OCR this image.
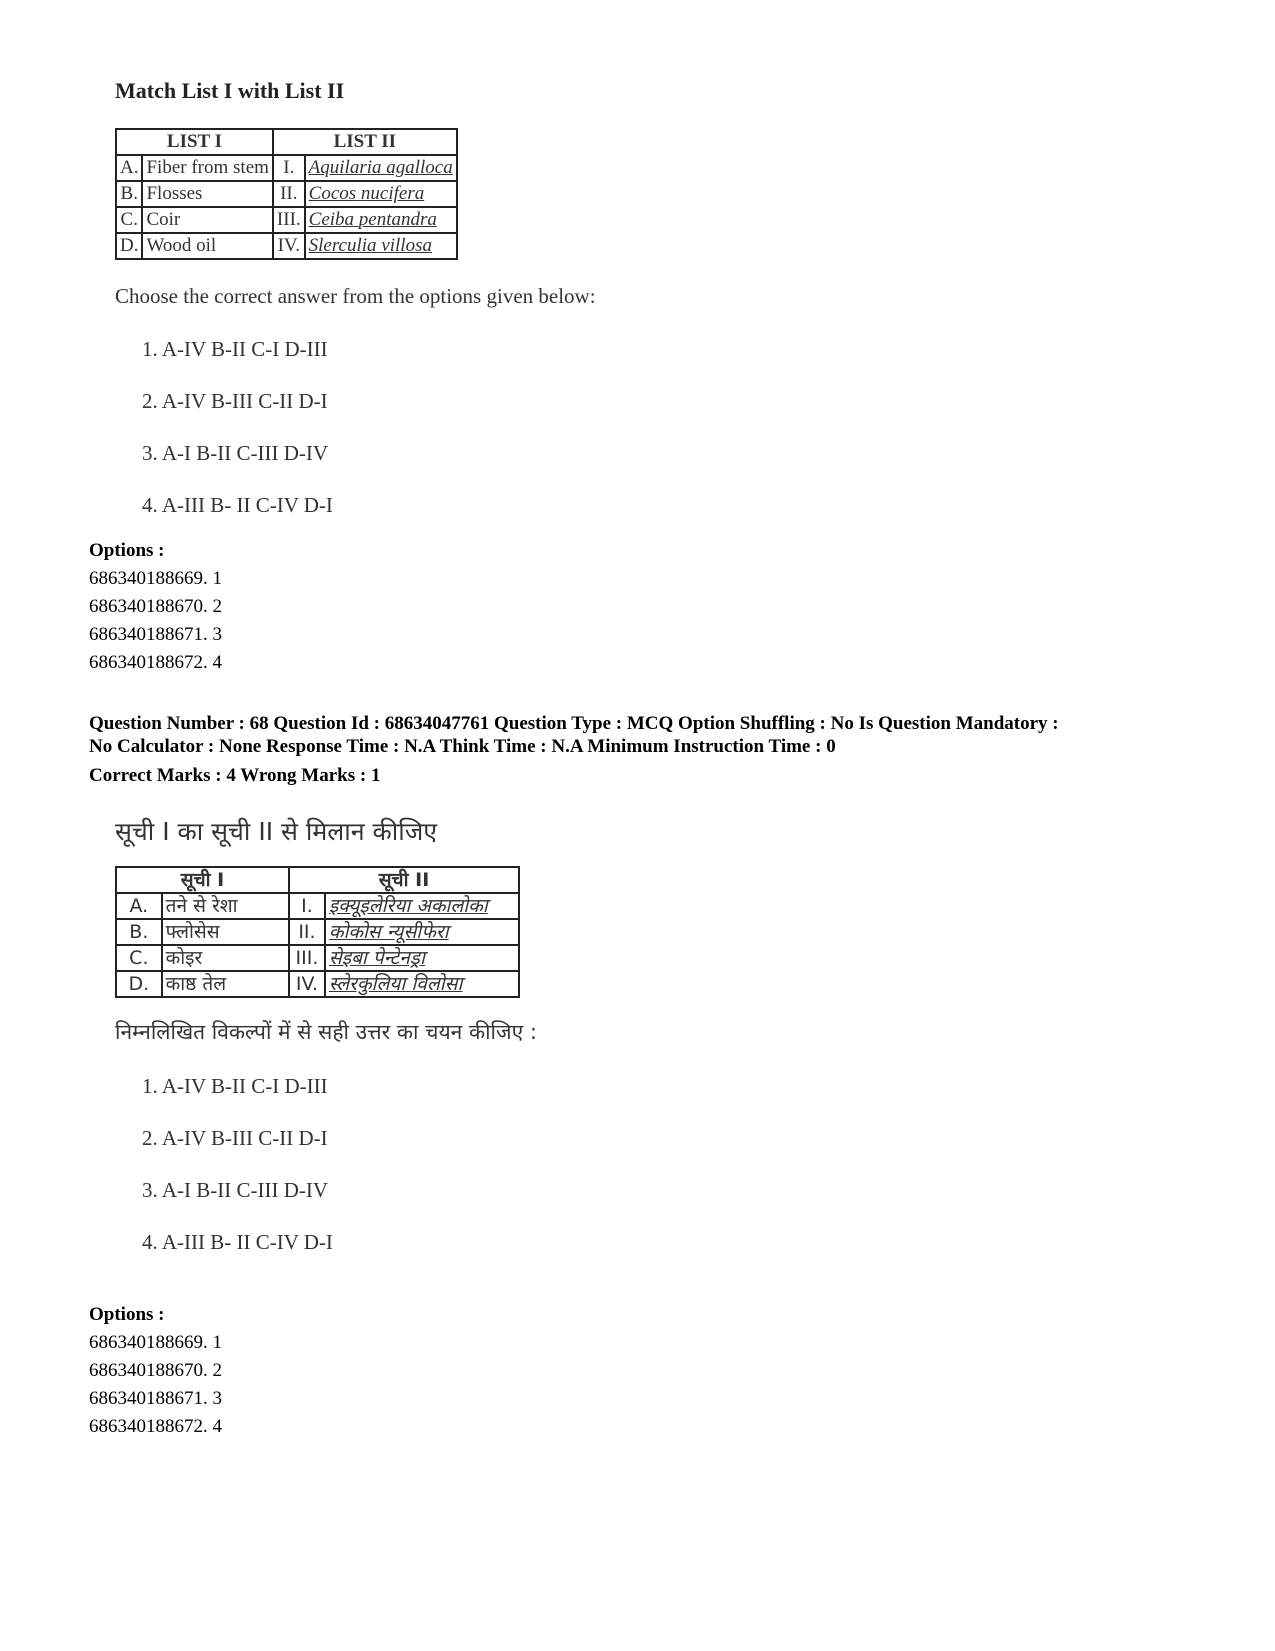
Match List I with List II
LIST I		LIST II	
A.	Fiber from stem	I.	Aquilaria agalloca
B.	Flosses	II.	Cocos nucifera
C.	Coir	III.	Ceiba pentandra
D.	Wood oil	IV.	Slerculia villosa
Choose the correct answer from the options given below:
1. A-IV B-II C-I D-III
2. A-IV B-III C-II D-I
3. A-I B-II C-III D-IV
4. A-III B- II C-IV D-I
Options :
686340188669. 1
686340188670. 2
686340188671. 3
686340188672. 4
Question Number : 68 Question Id : 68634047761 Question Type : MCQ Option Shuffling : No Is Question Mandatory :
No Calculator : None Response Time : N.A Think Time : N.A Minimum Instruction Time : 0
Correct Marks : 4 Wrong Marks : 1
सूची I का सूची II से मिलान कीजिए
सूची I		सूची II	
A.	तने से रेशा	I.	इक्यूइलेरिया अकालोका
B.	फ्लोसेस	II.	कोकोस न्यूसीफेरा
C.	कोइर	III.	सेइबा पेन्टेनड्रा
D.	काष्ठ तेल	IV.	स्लेरकुलिया विलोसा
निम्नलिखित विकल्पों में से सही उत्तर का चयन कीजिए :
1. A-IV B-II C-I D-III
2. A-IV B-III C-II D-I
3. A-I B-II C-III D-IV
4. A-III B- II C-IV D-I
Options :
686340188669. 1
686340188670. 2
686340188671. 3
686340188672. 4
